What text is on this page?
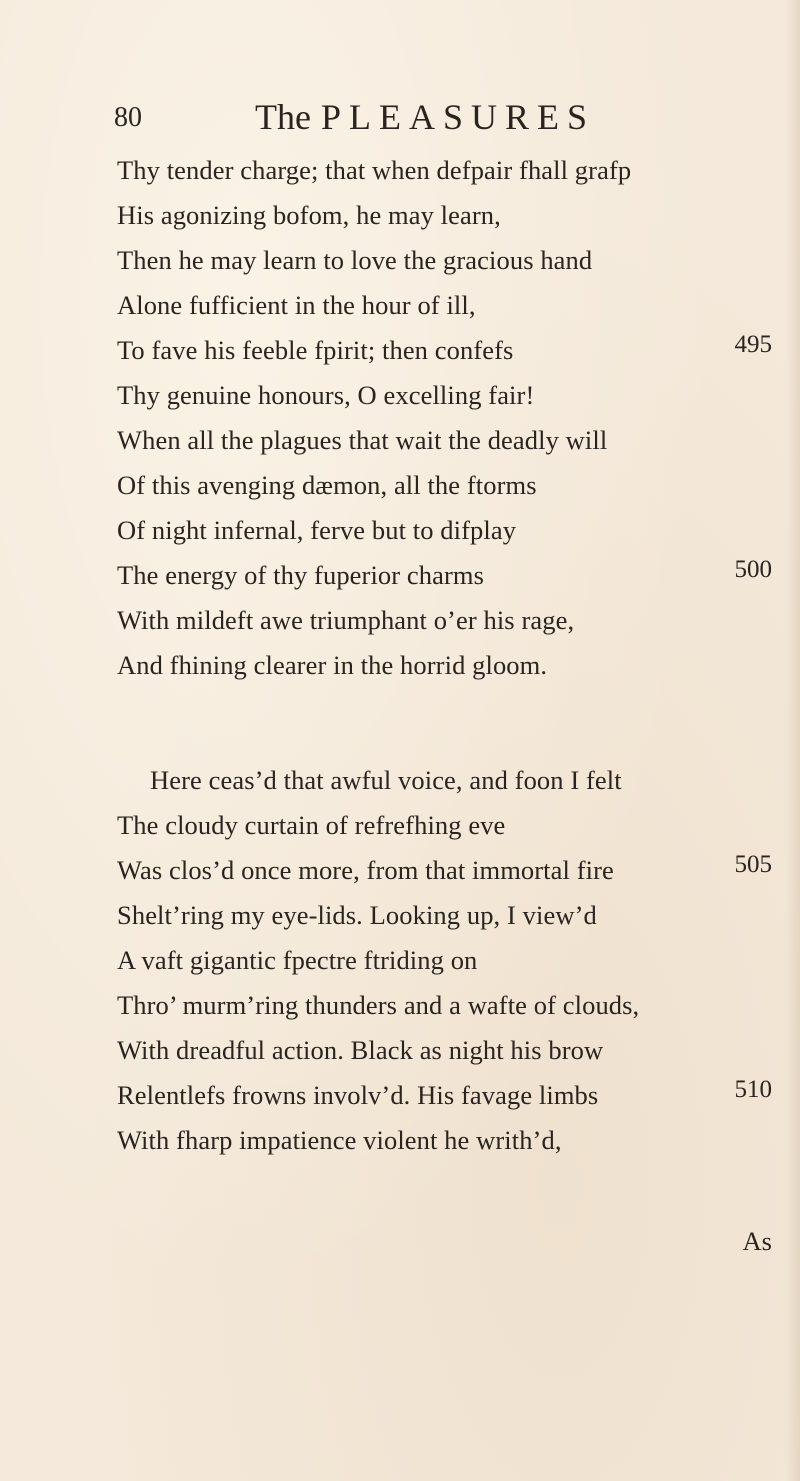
80	The PLEASURES
Thy tender charge; that when defpair fhall grafp
His agonizing bofom, he may learn,
Then he may learn to love the gracious hand
Alone fufficient in the hour of ill,
To fave his feeble fpirit; then confefs	495
Thy genuine honours, O excelling fair!
When all the plagues that wait the deadly will
Of this avenging dæmon, all the ftorms
Of night infernal, ferve but to difplay
The energy of thy fuperior charms	500
With mildeft awe triumphant o’er his rage,
And fhining clearer in the horrid gloom.
Here ceas’d that awful voice, and foon I felt
The cloudy curtain of refrefhing eve
Was clos’d once more, from that immortal fire	505
Shelt’ring my eye-lids. Looking up, I view’d
A vaft gigantic fpectre ftriding on
Thro’ murm’ring thunders and a wafte of clouds,
With dreadful action. Black as night his brow
Relentlefs frowns involv’d. His favage limbs	510
With fharp impatience violent he writh’d,
As
